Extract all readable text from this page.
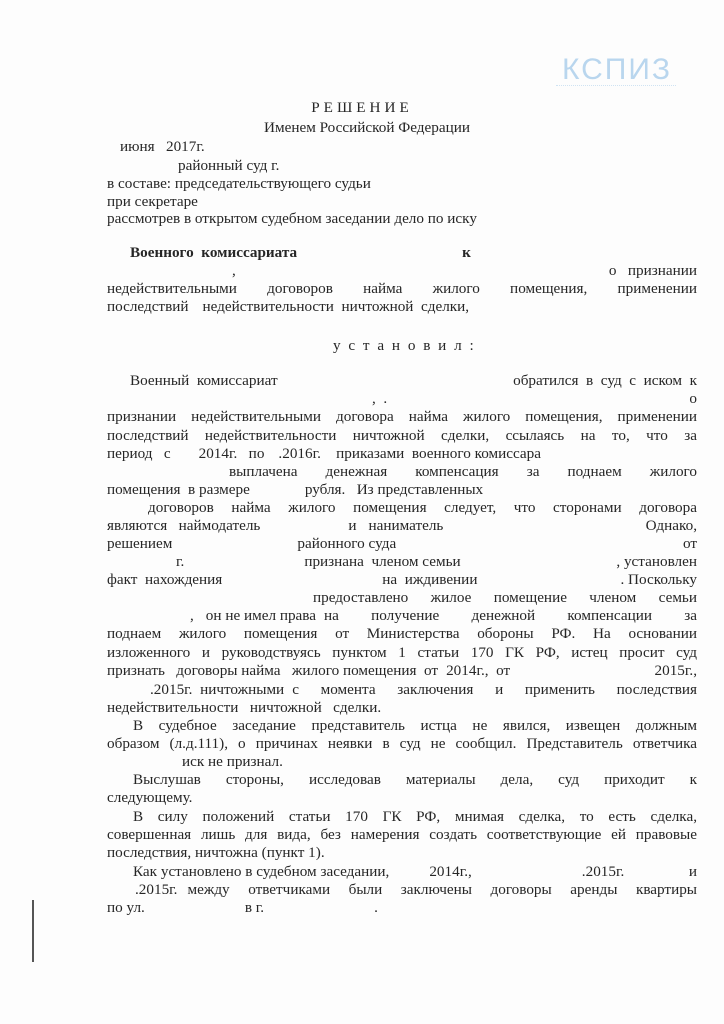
КСПИЗ
РЕШЕНИЕ
Именем Российской Федерации
июня   2017г.
районный суд г.
в составе: председательствующего судьи
при секретаре
рассмотрев в открытом судебном заседании дело по иску
Военного  комиссариата	к
,	о   признании
недействительными договоров найма жилого помещения, применении
последствий недействительности  ничтожной  сделки,
у с т а н о в и л :
Военный  комиссариат	обратился  в  суд  с  иском  к
,  .	о
признании недействительными договора найма жилого помещения, применении
последствий недействительности ничтожной сделки, ссылаясь на то, что за
период   с 2014г.   по .2016г.    приказами  военного комиссара
выплачена денежная компенсация за поднаем жилого
помещения  в размере	рубля.   Из представленных
договоров найма жилого помещения следует, что сторонами договора
являются   наймодатель	и наниматель	Однако,
решением	районного суда	от
г.	признана  членом семьи	, установлен
факт  нахождения	на  иждивении	. Поскольку
предоставлено жилое помещение членом семьи
, он не имел права на получение денежной компенсации за
поднаем жилого помещения от Министерства обороны РФ. На основании
изложенного и руководствуясь пунктом 1 статьи 170 ГК РФ, истец просит суд
признать   договоры найма   жилого помещения  от 2014г.,  от	2015г.,
.2015г.  ничтожными с момента заключения и применить последствия
недействительности   ничтожной   сделки.
В судебное заседание представитель истца не явился, извещен должным
образом (л.д.111), о причинах неявки в суд не сообщил. Представитель ответчика
иск не признал.
Выслушав стороны, исследовав материалы дела, суд приходит к
следующему.
В силу положений статьи 170 ГК РФ, мнимая сделка, то есть сделка,
совершенная лишь для вида, без намерения создать соответствующие ей правовые
последствия, ничтожна (пункт 1).
Как установлено в судебном заседании,	2014г.,	.2015г.	и
.2015г. между ответчиками были заключены договоры аренды квартиры
по ул.	в г.	.
